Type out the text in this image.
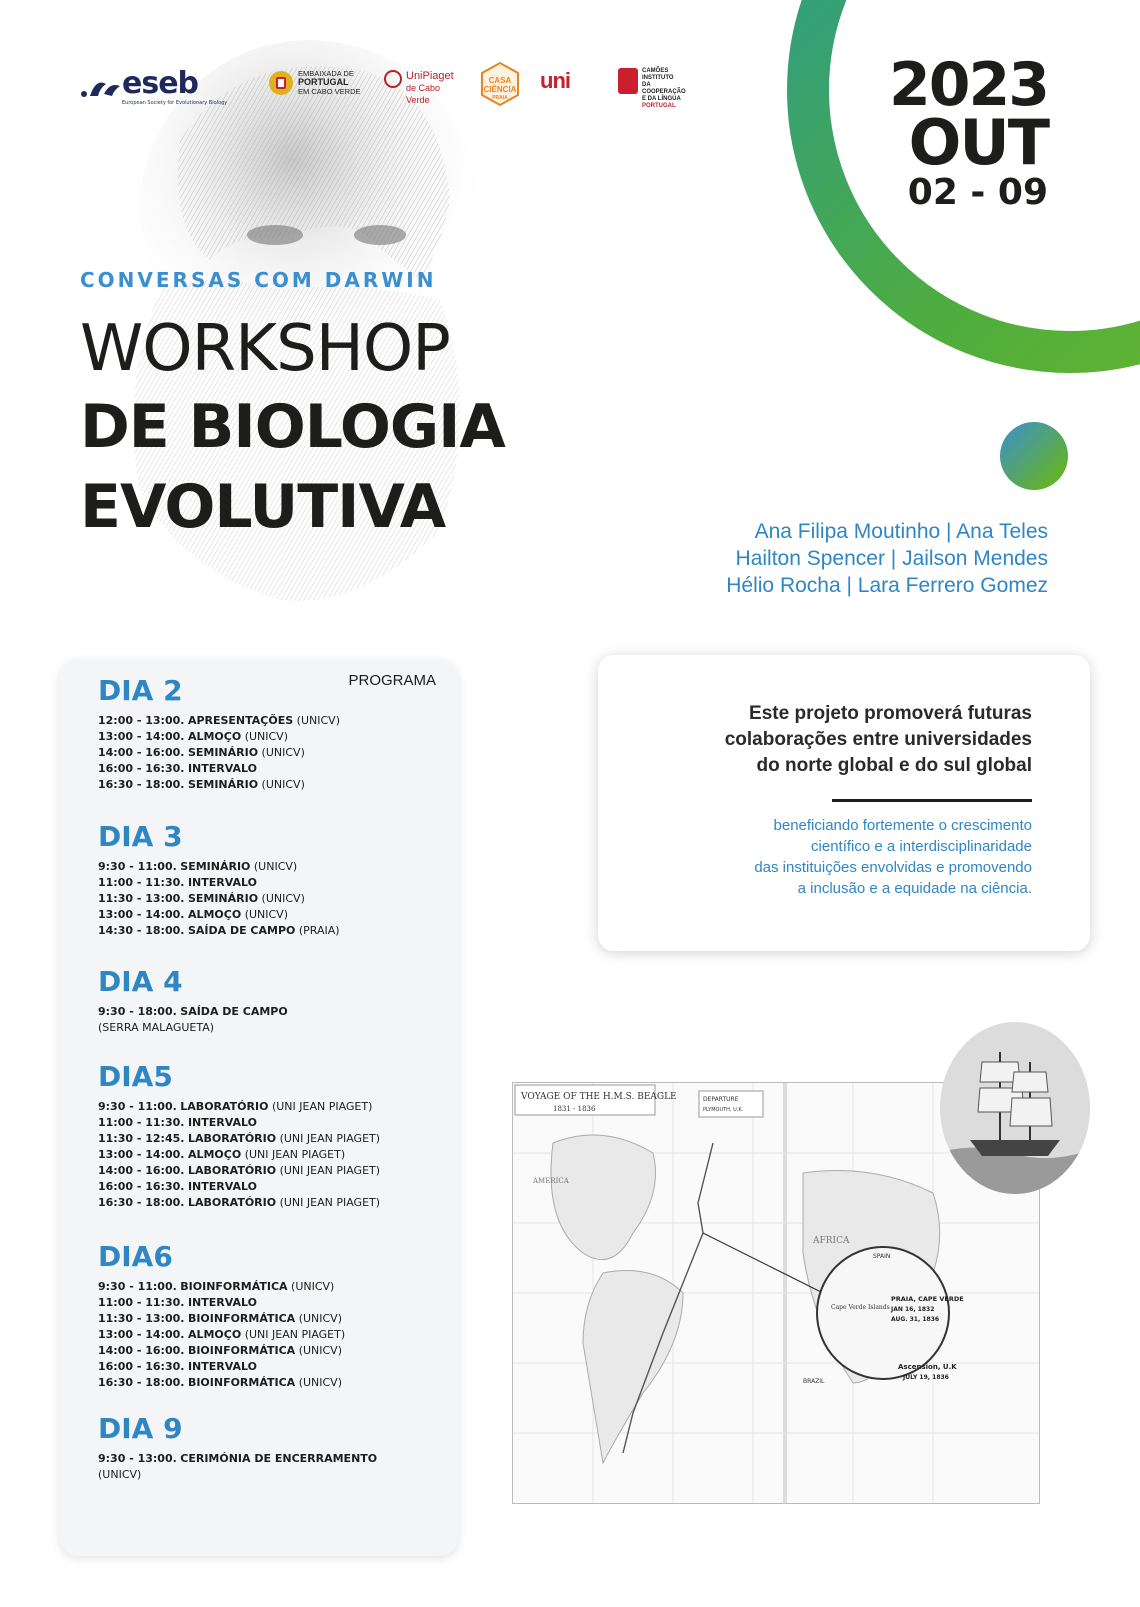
eseb
European Society for Evolutionary Biology
EMBAIXADA DE
PORTUGAL
EM CABO VERDE
UniPiaget
de Cabo Verde
CASA
CIÊNCIA
PRAIA
uni	CAMÕES
INSTITUTO
DA COOPERAÇÃO
E DA LÍNGUA
PORTUGAL	2023
OUT
02 - 09
CONVERSAS COM DARWIN
WORKSHOP
DE BIOLOGIA
EVOLUTIVA	Ana Filipa Moutinho | Ana Teles
Hailton Spencer | Jailson Mendes
Hélio Rocha | Lara Ferrero Gomez
PROGRAMA
DIA 2
12:00 - 13:00. APRESENTAÇÕES (UNICV)
13:00 - 14:00. ALMOÇO (UNICV)
14:00 - 16:00. SEMINÁRIO (UNICV)
16:00 - 16:30. INTERVALO
16:30 - 18:00. SEMINÁRIO (UNICV)
DIA 3
9:30 - 11:00. SEMINÁRIO (UNICV)
11:00 - 11:30. INTERVALO
11:30 - 13:00. SEMINÁRIO (UNICV)
13:00 - 14:00. ALMOÇO (UNICV)
14:30 - 18:00. SAÍDA DE CAMPO (PRAIA)
DIA 4
9:30 - 18:00. SAÍDA DE CAMPO
(SERRA MALAGUETA)
DIA5
9:30 - 11:00. LABORATÓRIO (UNI JEAN PIAGET)
11:00 - 11:30. INTERVALO
11:30 - 12:45. LABORATÓRIO (UNI JEAN PIAGET)
13:00 - 14:00. ALMOÇO (UNI JEAN PIAGET)
14:00 - 16:00. LABORATÓRIO (UNI JEAN PIAGET)
16:00 - 16:30. INTERVALO
16:30 - 18:00. LABORATÓRIO (UNI JEAN PIAGET)
DIA6
9:30 - 11:00. BIOINFORMÁTICA (UNICV)
11:00 - 11:30. INTERVALO
11:30 - 13:00. BIOINFORMÁTICA (UNICV)
13:00 - 14:00. ALMOÇO (UNI JEAN PIAGET)
14:00 - 16:00. BIOINFORMÁTICA (UNICV)
16:00 - 16:30. INTERVALO
16:30 - 18:00. BIOINFORMÁTICA (UNICV)
DIA 9
9:30 - 13:00. CERIMÓNIA DE ENCERRAMENTO
(UNICV)
Este projeto promoverá futuras
colaborações entre universidades
do norte global e do sul global
beneficiando fortemente o crescimento
científico e a interdisciplinaridade
das instituições envolvidas e promovendo
a inclusão e a equidade na ciência.
VOYAGE OF THE H.M.S. BEAGLE
1831 - 1836
DEPARTURE
PLYMOUTH, U.K.
AMERICA
AFRICA
BRAZIL
SPAIN
Cape Verde Islands
PRAIA, CAPE VERDE
JAN 16, 1832
AUG. 31, 1836
Ascension, U.K
JULY 19, 1836
